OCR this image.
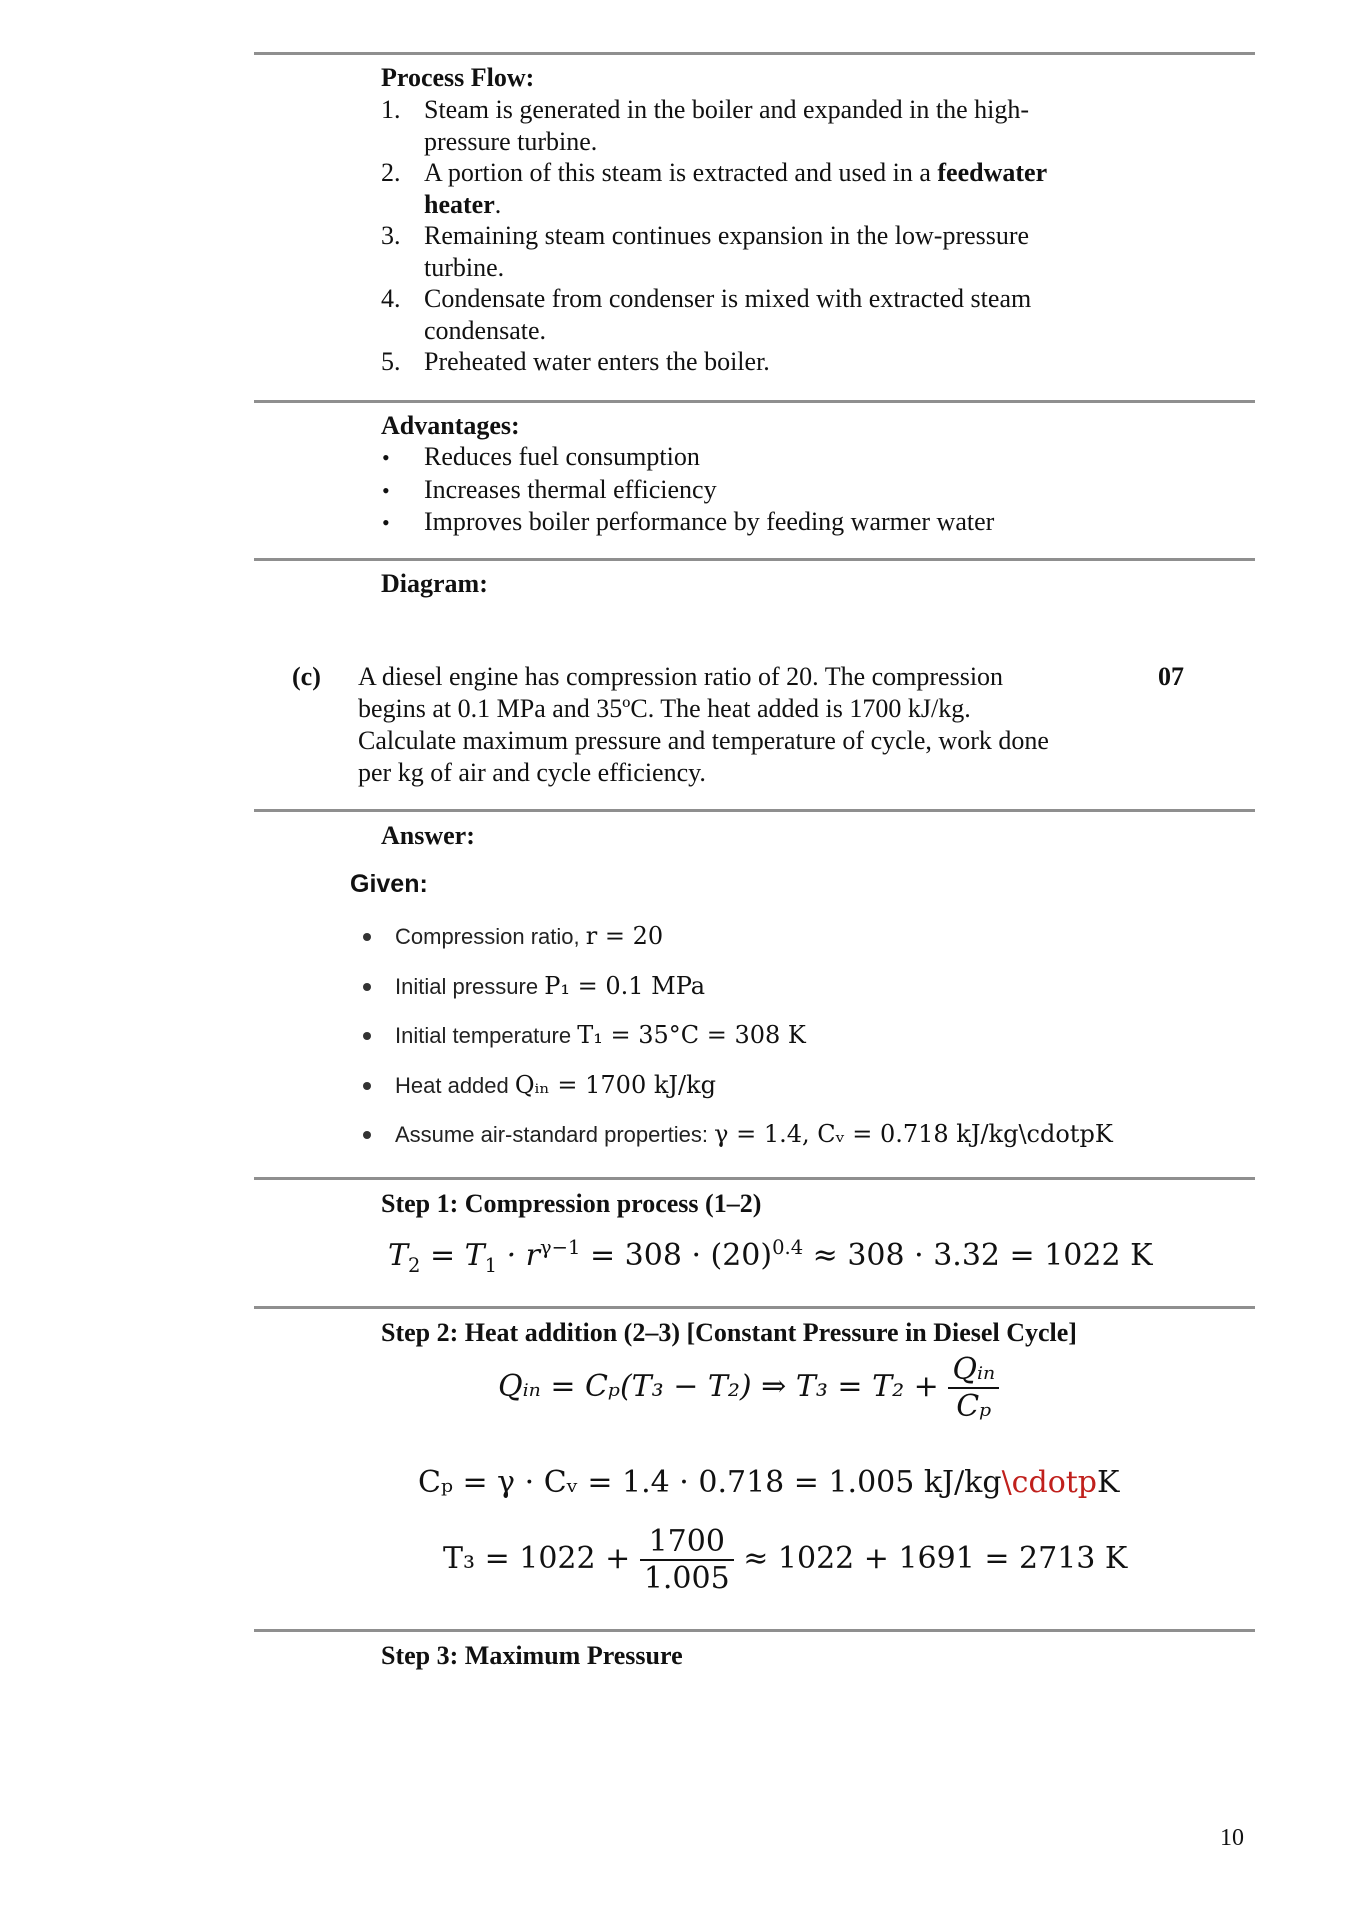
Process Flow:
1. Steam is generated in the boiler and expanded in the high-
pressure turbine.
2. A portion of this steam is extracted and used in a feedwater
heater.
3. Remaining steam continues expansion in the low-pressure
turbine.
4. Condensate from condenser is mixed with extracted steam
condensate.
5. Preheated water enters the boiler.
Advantages:
• Reduces fuel consumption
• Increases thermal efficiency
• Improves boiler performance by feeding warmer water
Diagram:
(c)	07
A diesel engine has compression ratio of 20. The compression
begins at 0.1 MPa and 35ºC. The heat added is 1700 kJ/kg.
Calculate maximum pressure and temperature of cycle, work done
per kg of air and cycle efficiency.
Answer:
Given:
Compression ratio, r = 20
Initial pressure P₁ = 0.1 MPa
Initial temperature T₁ = 35°C = 308 K
Heat added Qᵢₙ = 1700 kJ/kg
Assume air-standard properties: γ = 1.4, Cᵥ = 0.718 kJ/kg\cdotpK
Step 1: Compression process (1–2)
$T_2 = T_1 \cdot r^{\gamma-1} = 308 \cdot (20)^{0.4} \approx 308 \cdot 3.32 = 1022$ K
Step 2: Heat addition (2–3) [Constant Pressure in Diesel Cycle]
Qᵢₙ = Cₚ(T₃ − T₂) ⇒ $T_3 = T_2 + \frac{\text{Qᵢₙ}}{\text{Cₚ}}$
Cₚ = γ · Cᵥ = 1.4 · 0.718 = 1.005 kJ/kg\cdotpK
$T_3 = 1022 + \frac{1700}{1.005} \approx 1022 + 1691 = 2713$ K
Step 3: Maximum Pressure
10
